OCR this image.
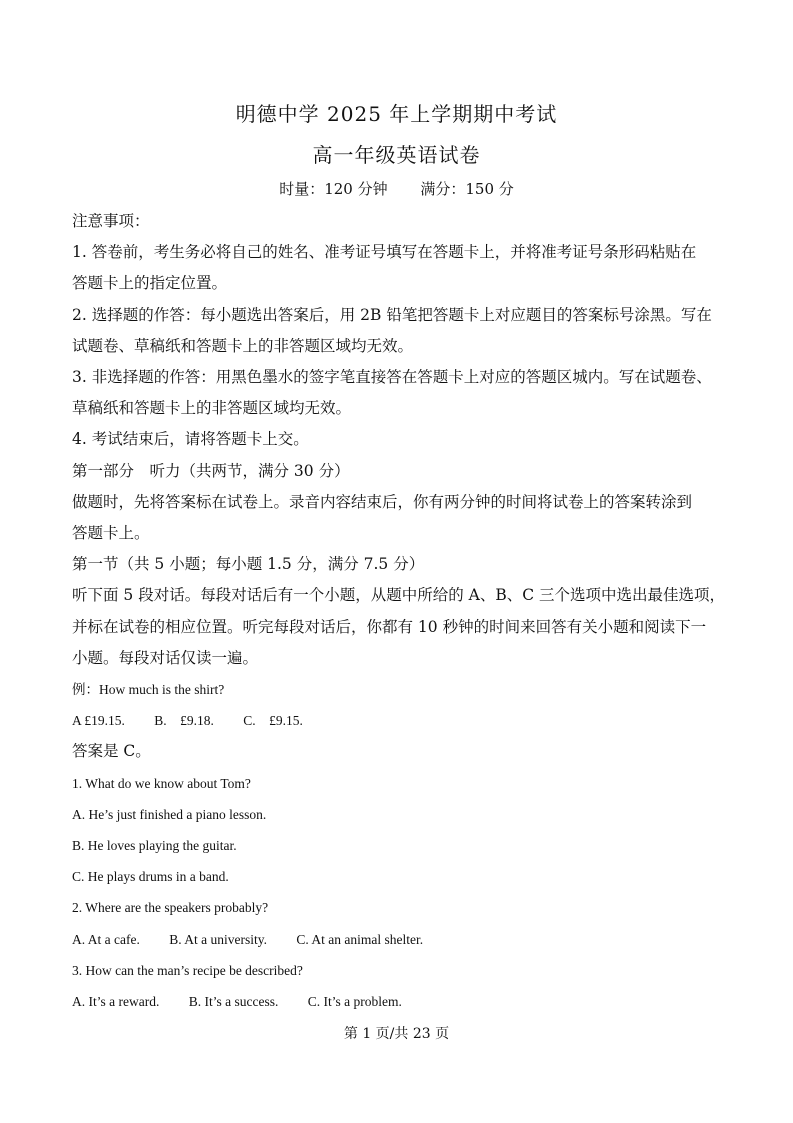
明德中学 2025 年上学期期中考试
高一年级英语试卷
时量：120 分钟 满分：150 分

注意事项：

1. 答卷前，考生务必将自己的姓名、准考证号填写在答题卡上，并将准考证号条形码粘贴在

答题卡上的指定位置。

2. 选择题的作答：每小题选出答案后，用 2B 铅笔把答题卡上对应题目的答案标号涂黑。写在

试题卷、草稿纸和答题卡上的非答题区域均无效。

3. 非选择题的作答：用黑色墨水的签字笔直接答在答题卡上对应的答题区城内。写在试题卷、

草稿纸和答题卡上的非答题区域均无效。

4. 考试结束后，请将答题卡上交。

第一部分　听力（共两节，满分 30 分）

做题时，先将答案标在试卷上。录音内容结束后，你有两分钟的时间将试卷上的答案转涂到

答题卡上。

第一节（共 5 小题；每小题 1.5 分，满分 7.5 分）

听下面 5 段对话。每段对话后有一个小题，从题中所给的 A、B、C 三个选项中选出最佳选项，

并标在试卷的相应位置。听完每段对话后，你都有 10 秒钟的时间来回答有关小题和阅读下一

小题。每段对话仅读一遍。

例：How much is the shirt?

A £19.15. B.　£9.18. C.　£9.15.

答案是 C。

1. What do we know about Tom?

A. He’s just finished a piano lesson.

B. He loves playing the guitar.

C. He plays drums in a band.

2. Where are the speakers probably?

A. At a cafe. B. At a university. C. At an animal shelter.

3. How can the man’s recipe be described?

A. It’s a reward. B. It’s a success. C. It’s a problem.

第 1 页/共 23 页
